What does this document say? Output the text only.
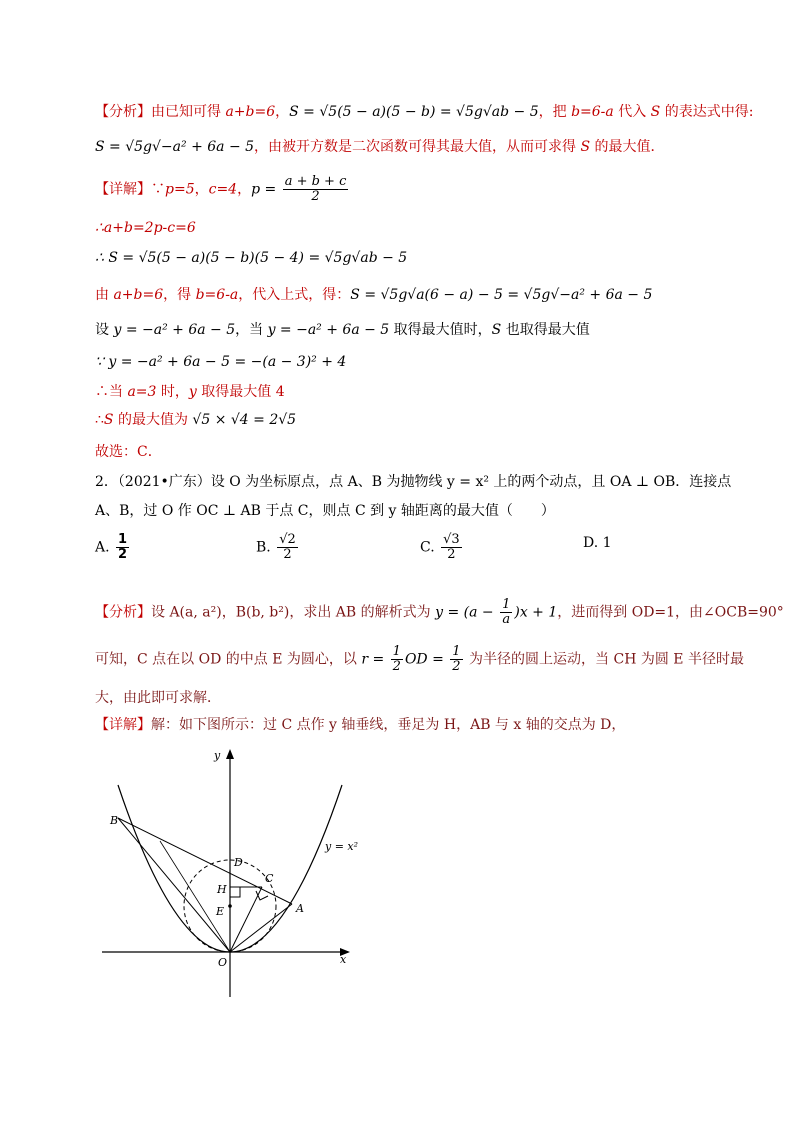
【分析】由已知可得 a+b=6，S = √5(5 − a)(5 − b) = √5g√ab − 5，把 b=6-a 代入 S 的表达式中得:
S = √5g√−a² + 6a − 5，由被开方数是二次函数可得其最大值，从而可求得 S 的最大值．
【详解】∵p=5，c=4，$p = \frac{a + b + c}{2}$
∴a+b=2p-c=6
∴ S = √5(5 − a)(5 − b)(5 − 4) = √5g√ab − 5
由 a+b=6，得 b=6-a，代入上式，得：S = √5g√a(6 − a) − 5 = √5g√−a² + 6a − 5
设 y = −a² + 6a − 5，当 y = −a² + 6a − 5 取得最大值时，S 也取得最大值
∵ y = −a² + 6a − 5 = −(a − 3)² + 4
∴当 a=3 时，y 取得最大值 4
∴S 的最大值为 √5 × √4 = 2√5
故选：C．
2．（2021•广东）设 O 为坐标原点，点 A、B 为抛物线 y = x² 上的两个动点，且 OA ⊥ OB．连接点
A、B，过 O 作 OC ⊥ AB 于点 C，则点 C 到 y 轴距离的最大值（　　）
A. $\frac{1}{2}$	B. $\frac{√2}{2}$	C. $\frac{√3}{2}$	D. 1
【分析】设 A(a, a²)，B(b, b²)，求出 AB 的解析式为 $y = (a - \frac{1}{a} )x + 1$，进而得到 OD=1，由∠OCB=90°
可知，C 点在以 OD 的中点 E 为圆心，以 $r = \frac{1}{2}$ OD = $\frac{1}{2}$ 为半径的圆上运动，当 CH 为圆 E 半径时最
大，由此即可求解．
【详解】解：如下图所示：过 C 点作 y 轴垂线，垂足为 H，AB 与 x 轴的交点为 D，
y
x
O
A
B
C
D
E
H
y = x²
